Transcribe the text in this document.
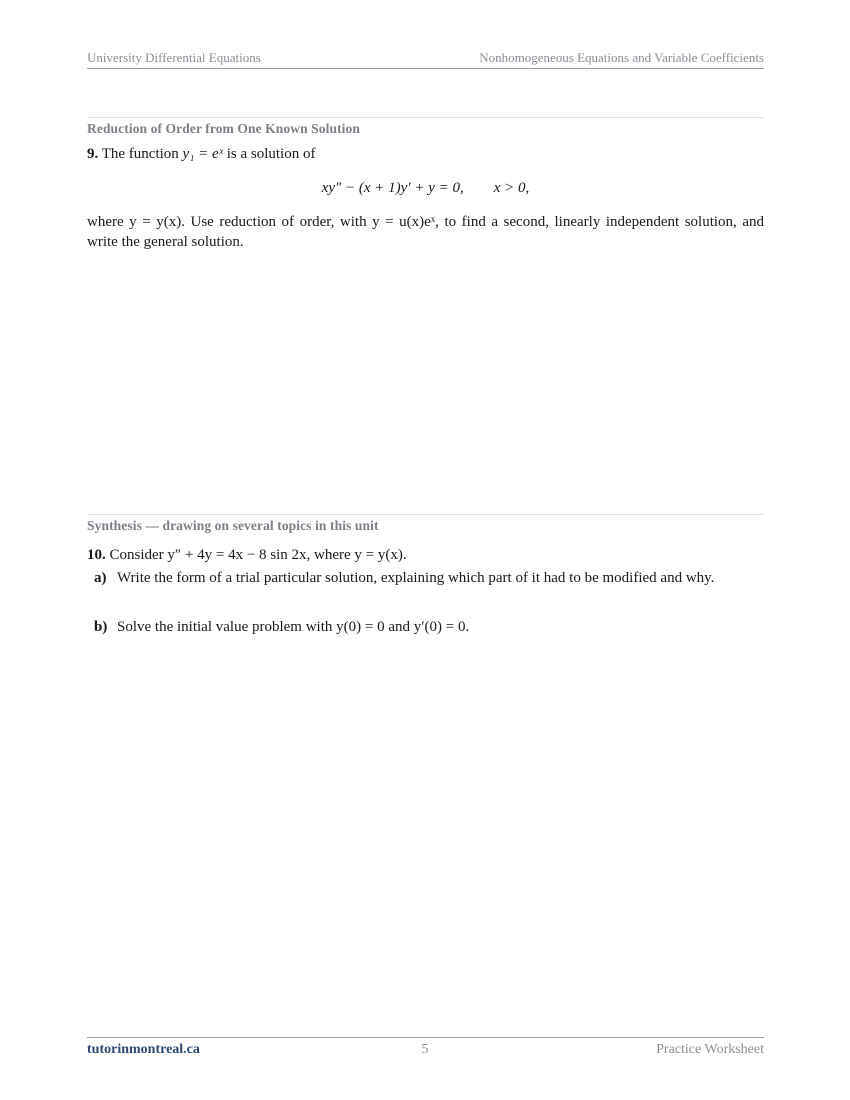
University Differential Equations	Nonhomogeneous Equations and Variable Coefficients
Reduction of Order from One Known Solution
9. The function y₁ = eˣ is a solution of
xy″ − (x + 1)y′ + y = 0, x > 0,
where y = y(x). Use reduction of order, with y = u(x)eˣ, to find a second, linearly independent solution, and write the general solution.
Synthesis — drawing on several topics in this unit
10. Consider y″ + 4y = 4x − 8 sin 2x, where y = y(x).
a) Write the form of a trial particular solution, explaining which part of it had to be modified and why.
b) Solve the initial value problem with y(0) = 0 and y′(0) = 0.
tutorinmontreal.ca	5	Practice Worksheet
